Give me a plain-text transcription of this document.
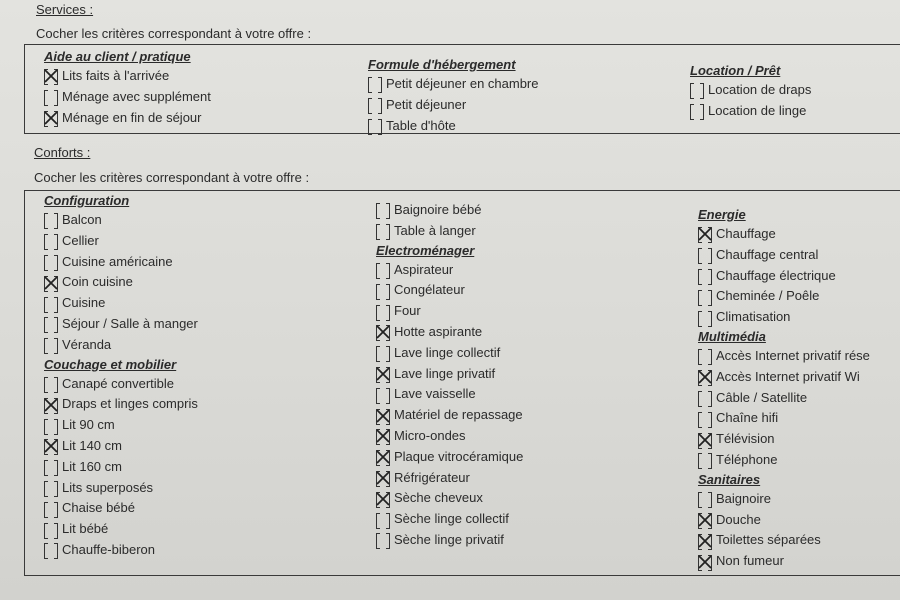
Services :
Cocher les critères correspondant à votre offre :
Aide au client / pratique
Lits faits à l'arrivée
Ménage avec supplément
Ménage en fin de séjour
Formule d'hébergement
Petit déjeuner en chambre
Petit déjeuner
Table d'hôte
Location / Prêt
Location de draps
Location de linge
Conforts :
Cocher les critères correspondant à votre offre :
Configuration
Balcon
Cellier
Cuisine américaine
Coin cuisine
Cuisine
Séjour / Salle à manger
Véranda
Couchage et mobilier
Canapé convertible
Draps et linges compris
Lit 90 cm
Lit 140 cm
Lit 160 cm
Lits superposés
Chaise bébé
Lit bébé
Chauffe-biberon
Baignoire bébé
Table à langer
Electroménager
Aspirateur
Congélateur
Four
Hotte aspirante
Lave linge collectif
Lave linge privatif
Lave vaisselle
Matériel de repassage
Micro-ondes
Plaque vitrocéramique
Réfrigérateur
Sèche cheveux
Sèche linge collectif
Sèche linge privatif
Energie
Chauffage
Chauffage central
Chauffage électrique
Cheminée / Poêle
Climatisation
Multimédia
Accès Internet privatif rése
Accès Internet privatif Wi
Câble / Satellite
Chaîne hifi
Télévision
Téléphone
Sanitaires
Baignoire
Douche
Toilettes séparées
Non fumeur
